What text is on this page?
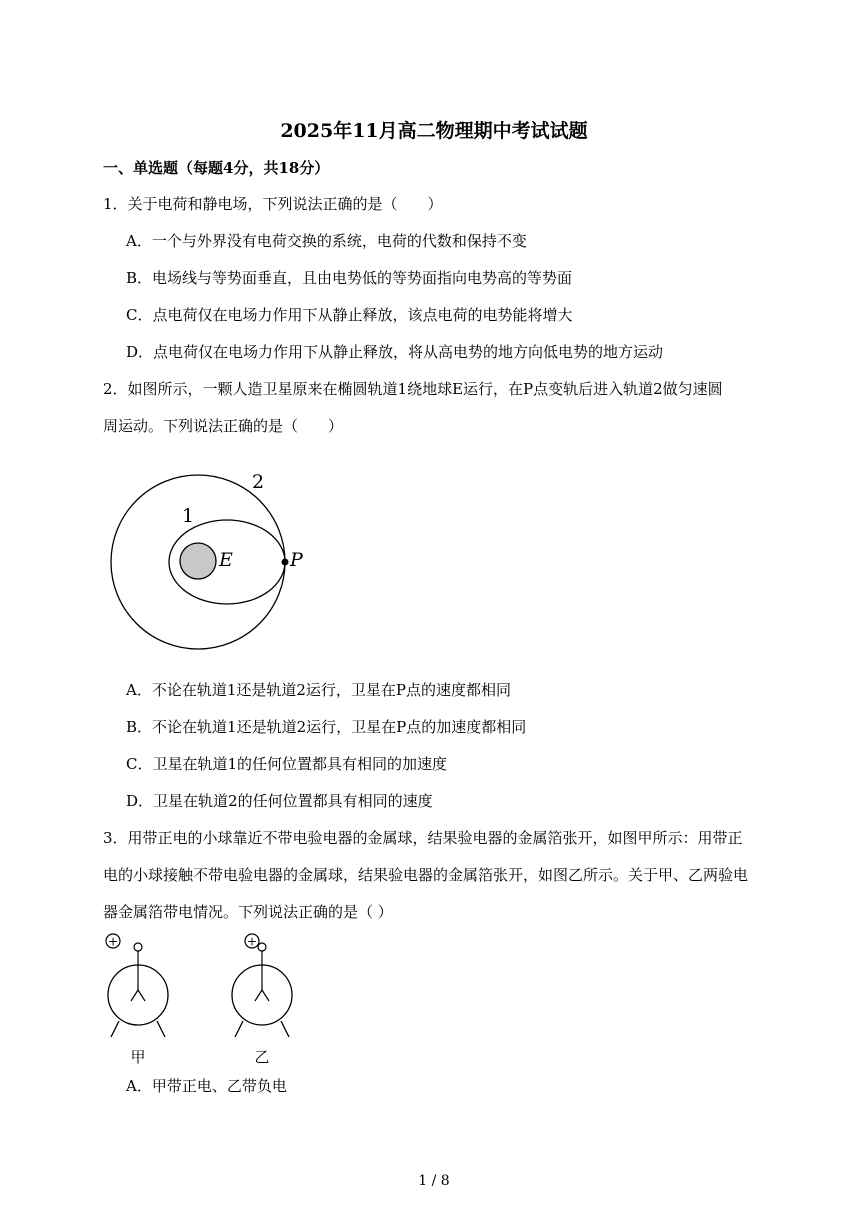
2025年11月高二物理期中考试试题
一、单选题（每题4分，共18分）
1．关于电荷和静电场，下列说法正确的是（　　）
A．一个与外界没有电荷交换的系统，电荷的代数和保持不变
B．电场线与等势面垂直，且由电势低的等势面指向电势高的等势面
C．点电荷仅在电场力作用下从静止释放，该点电荷的电势能将增大
D．点电荷仅在电场力作用下从静止释放，将从高电势的地方向低电势的地方运动
2．如图所示，一颗人造卫星原来在椭圆轨道1绕地球E运行，在P点变轨后进入轨道2做匀速圆
周运动。下列说法正确的是（　　）
2
1
E	P
A．不论在轨道1还是轨道2运行，卫星在P点的速度都相同
B．不论在轨道1还是轨道2运行，卫星在P点的加速度都相同
C．卫星在轨道1的任何位置都具有相同的加速度
D．卫星在轨道2的任何位置都具有相同的速度
3．用带正电的小球靠近不带电验电器的金属球，结果验电器的金属箔张开，如图甲所示：用带正
电的小球接触不带电验电器的金属球，结果验电器的金属箔张开，如图乙所示。关于甲、乙两验电
器金属箔带电情况。下列说法正确的是（ ）
+
甲
+
乙
A．甲带正电、乙带负电
1 / 8
